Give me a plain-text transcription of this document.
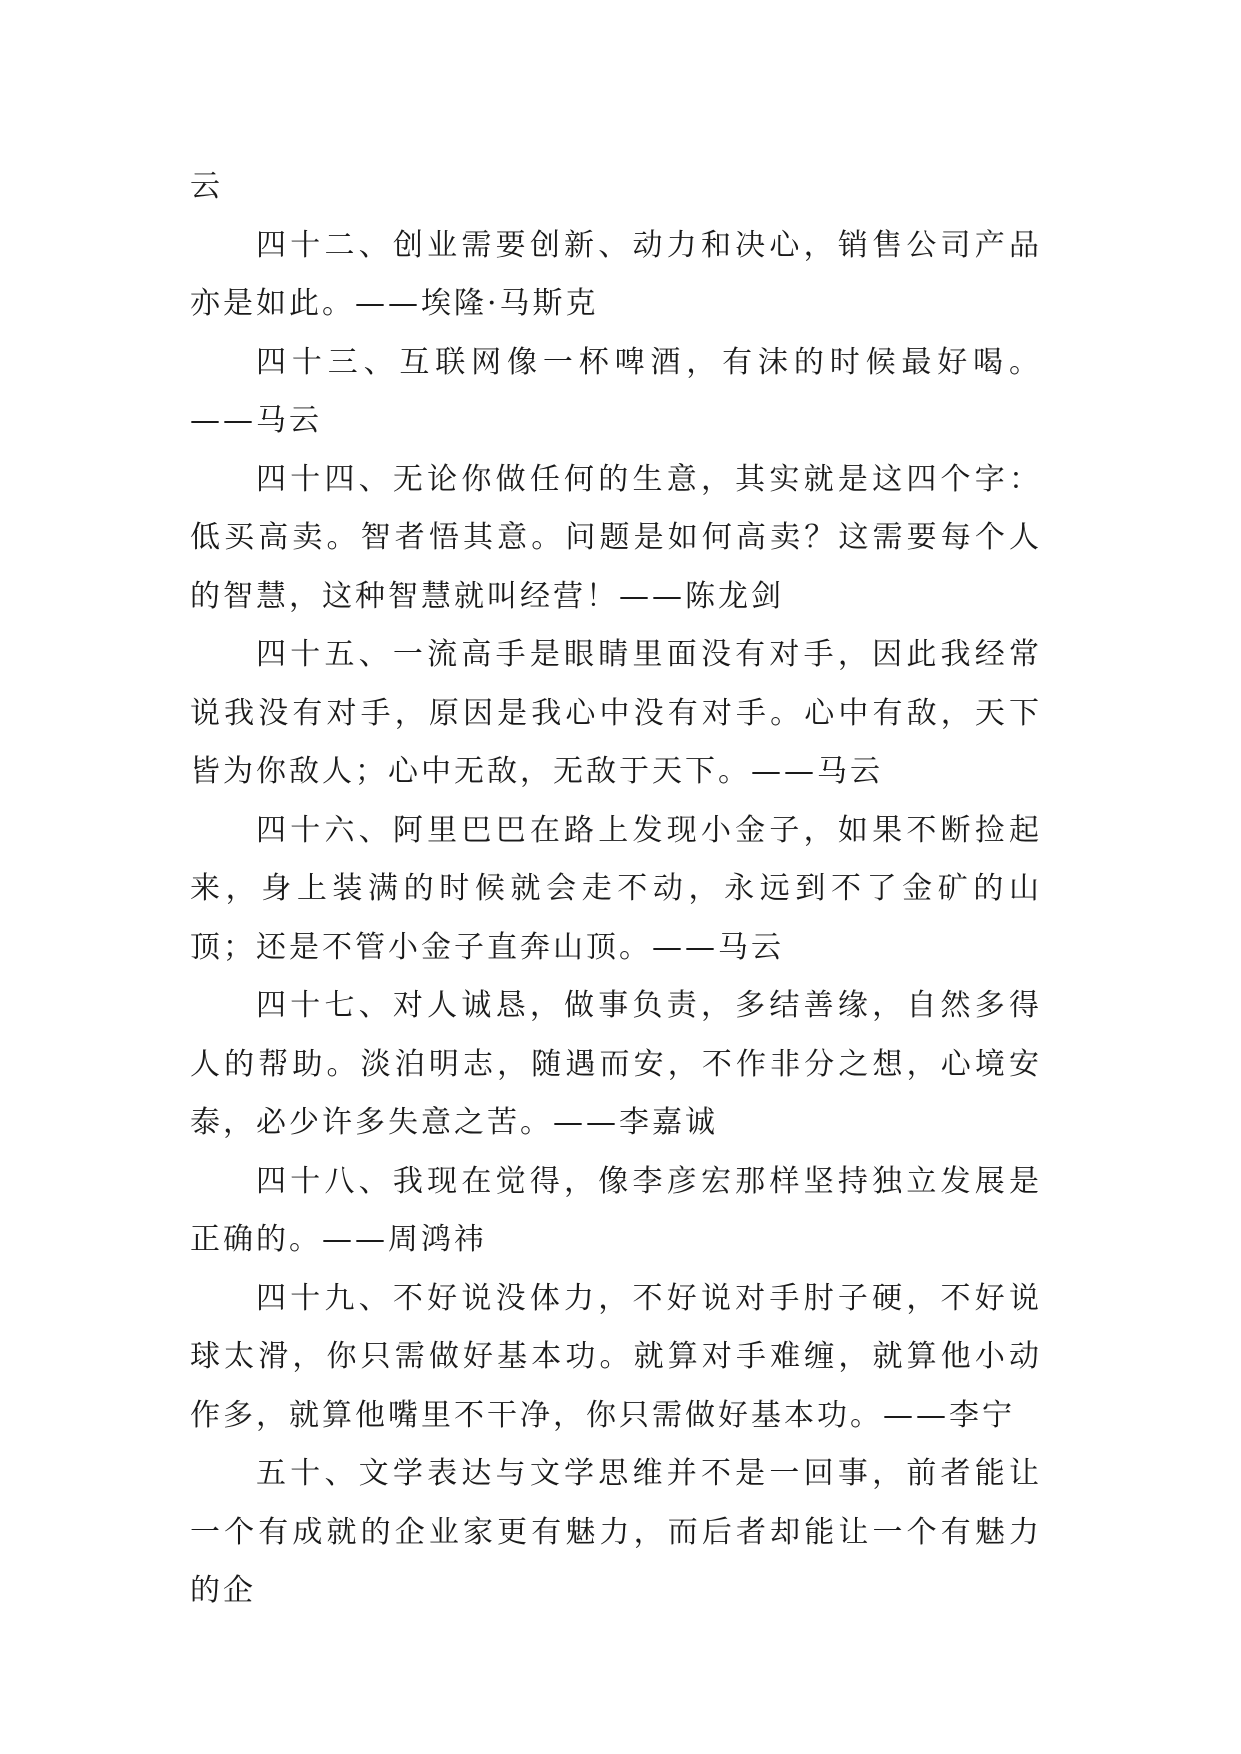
云

四十二、创业需要创新、动力和决心，销售公司产品亦是如此。——埃隆·马斯克

四十三、互联网像一杯啤酒，有沫的时候最好喝。——马云

四十四、无论你做任何的生意，其实就是这四个字：低买高卖。智者悟其意。问题是如何高卖？这需要每个人的智慧，这种智慧就叫经营！——陈龙剑

四十五、一流高手是眼睛里面没有对手，因此我经常说我没有对手，原因是我心中没有对手。心中有敌，天下皆为你敌人；心中无敌，无敌于天下。——马云

四十六、阿里巴巴在路上发现小金子，如果不断捡起来，身上装满的时候就会走不动，永远到不了金矿的山顶；还是不管小金子直奔山顶。——马云

四十七、对人诚恳，做事负责，多结善缘，自然多得人的帮助。淡泊明志，随遇而安，不作非分之想，心境安泰，必少许多失意之苦。——李嘉诚

四十八、我现在觉得，像李彦宏那样坚持独立发展是正确的。——周鸿祎

四十九、不好说没体力，不好说对手肘子硬，不好说球太滑，你只需做好基本功。就算对手难缠，就算他小动作多，就算他嘴里不干净，你只需做好基本功。——李宁

五十、文学表达与文学思维并不是一回事，前者能让一个有成就的企业家更有魅力，而后者却能让一个有魅力的企
